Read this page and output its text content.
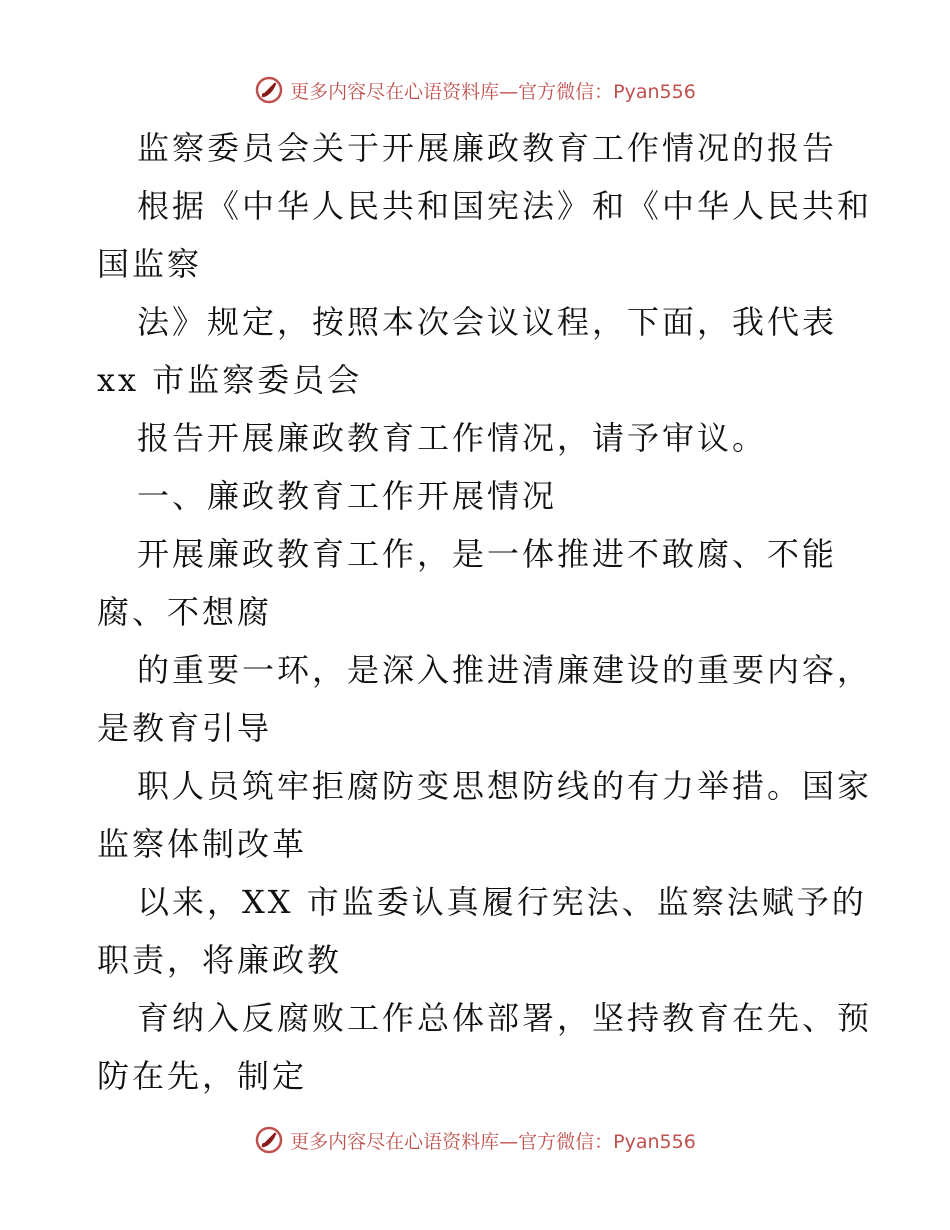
更多内容尽在心语资料库—官方微信：Pyan556
监察委员会关于开展廉政教育工作情况的报告
根据《中华人民共和国宪法》和《中华人民共和
国监察
法》规定，按照本次会议议程，下面，我代表
xx 市监察委员会
报告开展廉政教育工作情况，请予审议。
一、廉政教育工作开展情况
开展廉政教育工作，是一体推进不敢腐、不能
腐、不想腐
的重要一环，是深入推进清廉建设的重要内容，
是教育引导
职人员筑牢拒腐防变思想防线的有力举措。国家
监察体制改革
以来，XX 市监委认真履行宪法、监察法赋予的
职责，将廉政教
育纳入反腐败工作总体部署，坚持教育在先、预
防在先，制定
更多内容尽在心语资料库—官方微信：Pyan556
